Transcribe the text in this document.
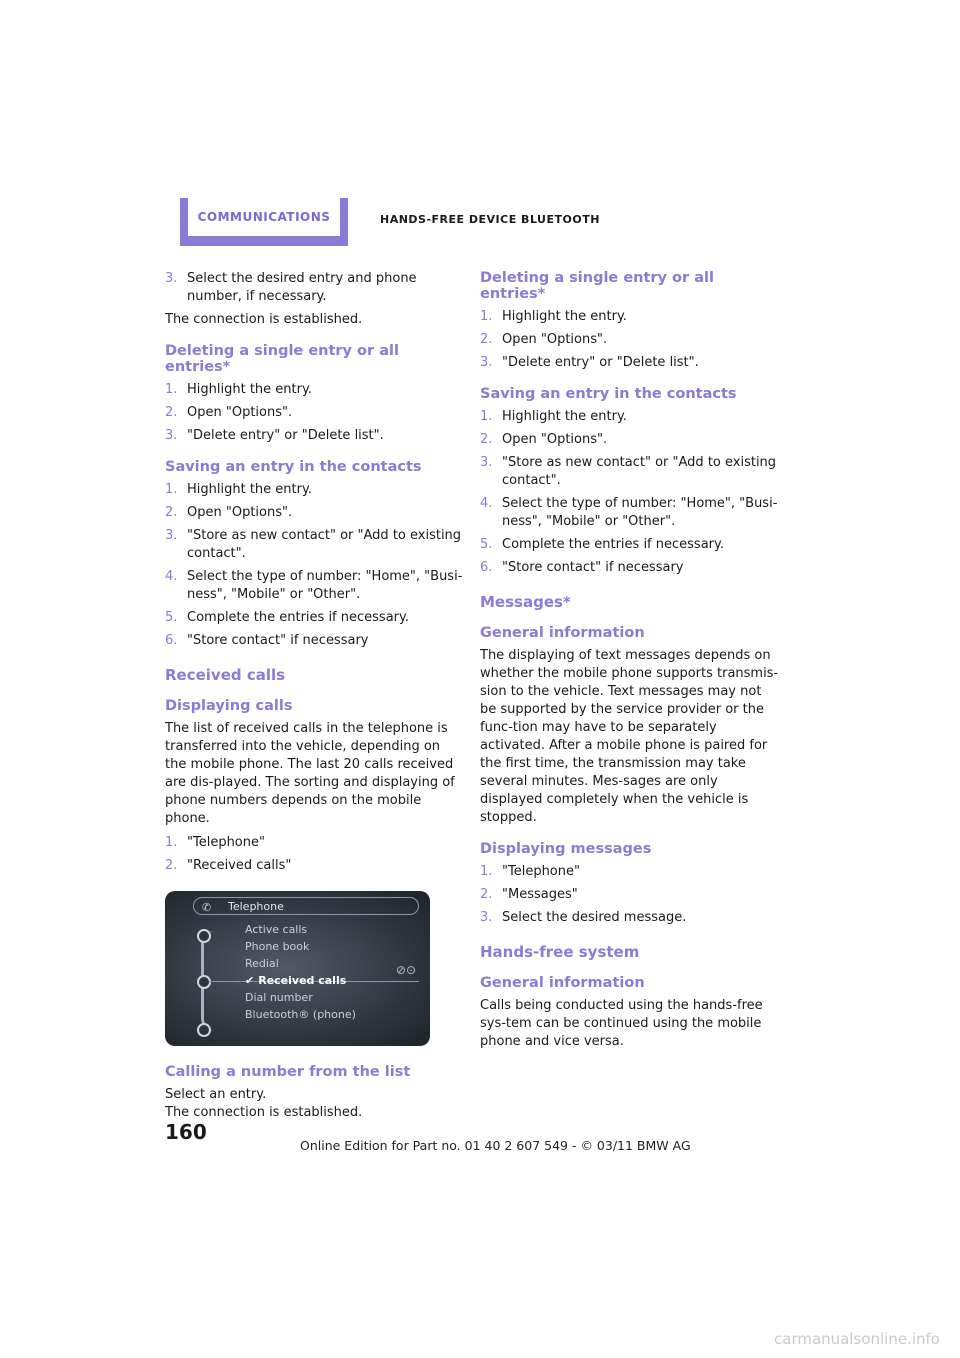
COMMUNICATIONS	HANDS-FREE DEVICE BLUETOOTH
3. Select the desired entry and phone number, if necessary.

The connection is established.

Deleting a single entry or all entries*
1. Highlight the entry.
2. Open "Options".
3. "Delete entry" or "Delete list".
Saving an entry in the contacts
1. Highlight the entry.
2. Open "Options".
3. "Store as new contact" or "Add to existing contact".
4. Select the type of number: "Home", "Busi-ness", "Mobile" or "Other".
5. Complete the entries if necessary.
6. "Store contact" if necessary
Received calls
Displaying calls

The list of received calls in the telephone is transferred into the vehicle, depending on the mobile phone. The last 20 calls received are dis-played. The sorting and displaying of phone numbers depends on the mobile phone.

1. "Telephone"
2. "Received calls"
✆ Telephone
Active calls
Phone book
Redial
✔ Received calls
Dial number
Bluetooth® (phone)
⊘⊙
Calling a number from the list

Select an entry.

The connection is established.

Deleting a single entry or all entries*
1. Highlight the entry.
2. Open "Options".
3. "Delete entry" or "Delete list".
Saving an entry in the contacts
1. Highlight the entry.
2. Open "Options".
3. "Store as new contact" or "Add to existing contact".
4. Select the type of number: "Home", "Busi-ness", "Mobile" or "Other".
5. Complete the entries if necessary.
6. "Store contact" if necessary
Messages*
General information

The displaying of text messages depends on whether the mobile phone supports transmis-sion to the vehicle. Text messages may not be supported by the service provider or the func-tion may have to be separately activated. After a mobile phone is paired for the first time, the transmission may take several minutes. Mes-sages are only displayed completely when the vehicle is stopped.

Displaying messages
1. "Telephone"
2. "Messages"
3. Select the desired message.
Hands-free system
General information

Calls being conducted using the hands-free sys-tem can be continued using the mobile phone and vice versa.

160
Online Edition for Part no. 01 40 2 607 549 - © 03/11 BMW AG
carmanualsonline.info
